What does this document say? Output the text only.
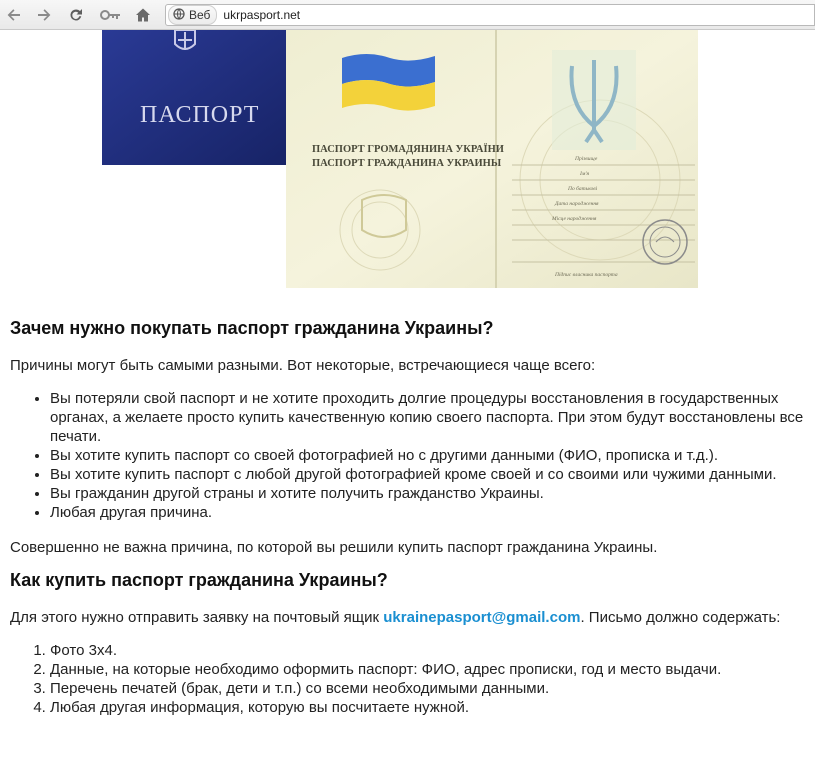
Веб ukrpasport.net
ПАСПОРТ
ПАСПОРТ ГРОМАДЯНИНА УКРАЇНИ
ПАСПОРТ ГРАЖДАНИНА УКРАИНЫ	Прізвище
Ім'я
По батькові
Дата народження
Місце народження
Підпис власника паспорта
Зачем нужно покупать паспорт гражданина Украины?

Причины могут быть самыми разными. Вот некоторые, встречающиеся чаще всего:

• Вы потеряли свой паспорт и не хотите проходить долгие процедуры восстановления в государственных органах, а желаете просто купить качественную копию своего паспорта. При этом будут восстановлены все печати.
• Вы хотите купить паспорт со своей фотографией но с другими данными (ФИО, прописка и т.д.).
• Вы хотите купить паспорт с любой другой фотографией кроме своей и со своими или чужими данными.
• Вы гражданин другой страны и хотите получить гражданство Украины.
• Любая другая причина.

Совершенно не важна причина, по которой вы решили купить паспорт гражданина Украины.

Как купить паспорт гражданина Украины?

Для этого нужно отправить заявку на почтовый ящик ukrainepasport@gmail.com. Письмо должно содержать:

1. Фото 3х4.
2. Данные, на которые необходимо оформить паспорт: ФИО, адрес прописки, год и место выдачи.
3. Перечень печатей (брак, дети и т.п.) со всеми необходимыми данными.
4. Любая другая информация, которую вы посчитаете нужной.
